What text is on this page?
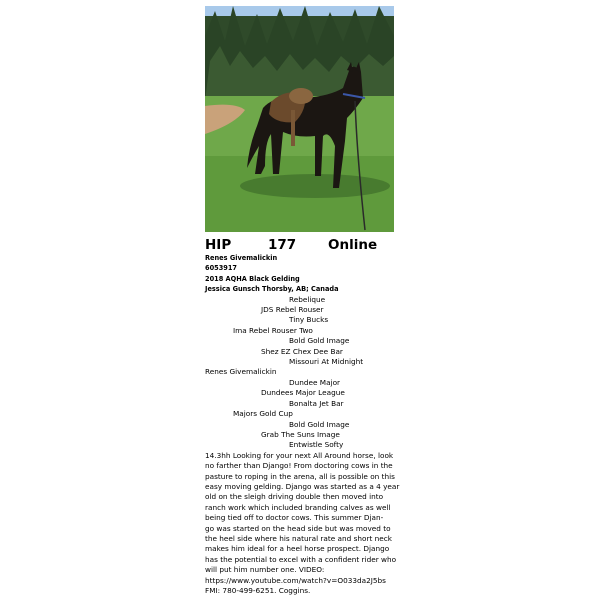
HIP	177	Online
Renes Givemalickin
6053917
2018 AQHA Black Gelding
Jessica Gunsch Thorsby, AB; Canada
Rebelique
JDS Rebel Rouser
Tiny Bucks
Ima Rebel Rouser Two
Bold Gold Image
Shez EZ Chex Dee Bar
Missouri At Midnight
Renes Givemalickin
Dundee Major
Dundees Major League
Bonalta Jet Bar
Majors Gold Cup
Bold Gold Image
Grab The Suns Image
Entwistle Softy
14.3hh Looking for your next All Around horse, look
no farther than Django! From doctoring cows in the
pasture to roping in the arena, all is possible on this
easy moving gelding. Django was started as a 4 year
old on the sleigh driving double then moved into
ranch work which included branding calves as well
being tied off to doctor cows. This summer Djan-
go was started on the head side but was moved to
the heel side where his natural rate and short neck
makes him ideal for a heel horse prospect. Django
has the potential to excel with a confident rider who
will put him number one. VIDEO:
https://www.youtube.com/watch?v=O033da2J5bs
FMI: 780-499-6251. Coggins.
